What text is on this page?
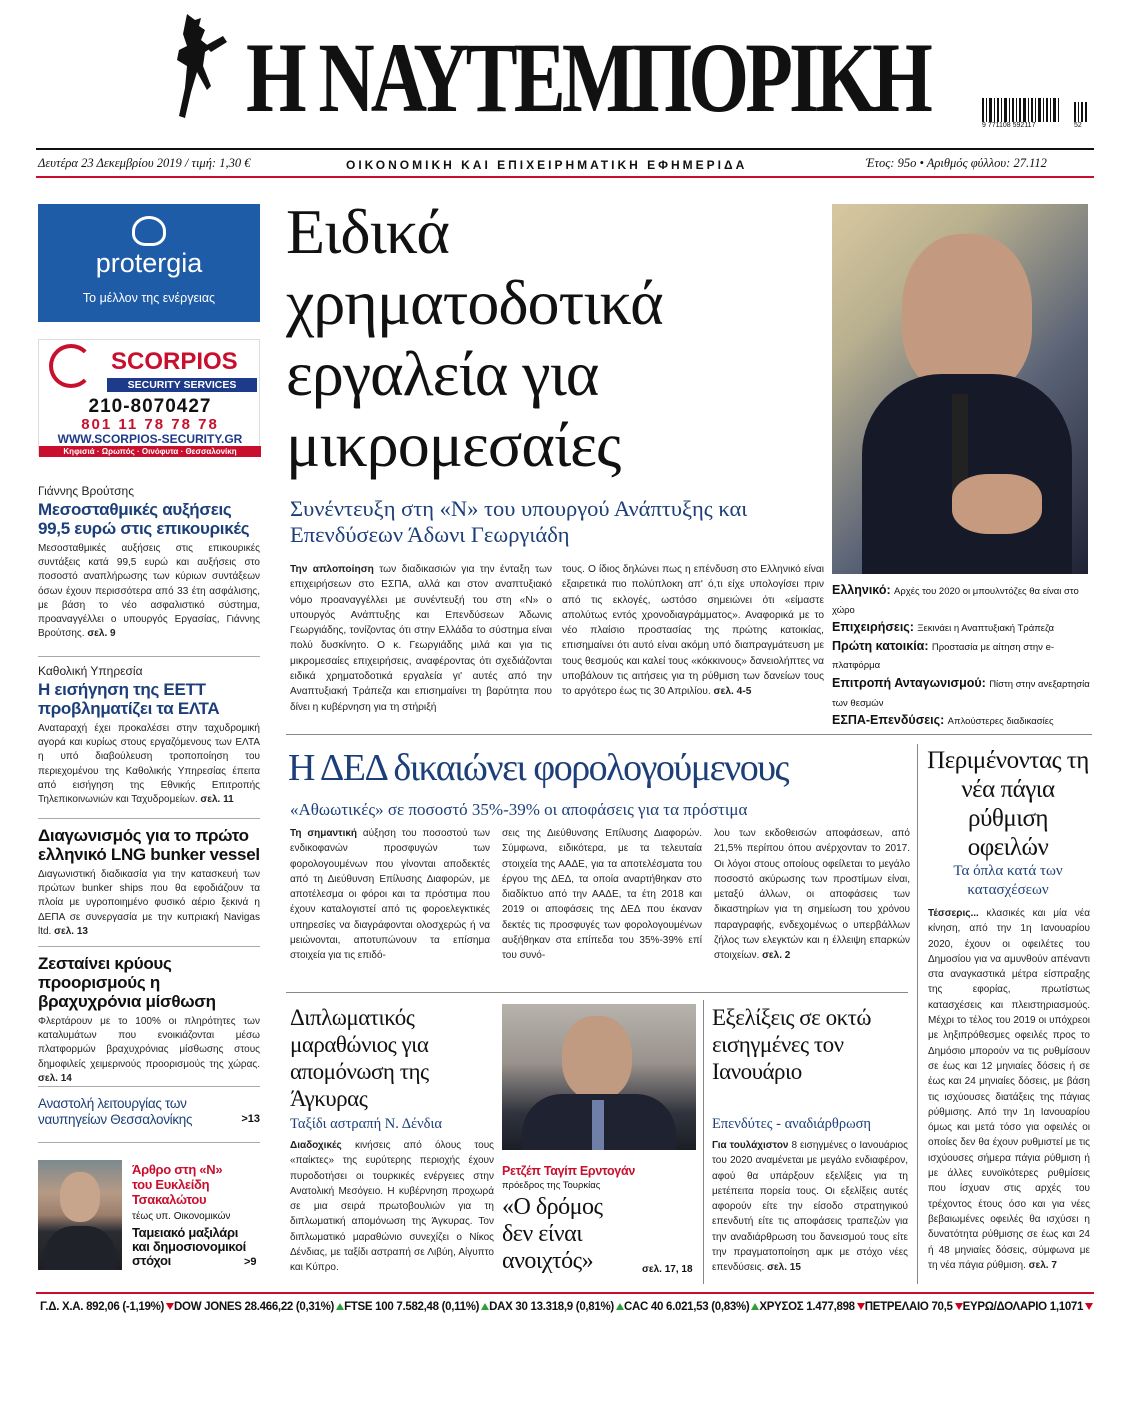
Η ΝΑΥΤΕΜΠΟΡΙΚΗ	9 771108 592117	52
Δευτέρα 23 Δεκεμβρίου 2019 / τιμή: 1,30 €	ΟΙΚΟΝΟΜΙΚΗ ΚΑΙ ΕΠΙΧΕΙΡΗΜΑΤΙΚΗ ΕΦΗΜΕΡΙΔΑ	Έτος: 95ο • Αριθμός φύλλου: 27.112
protergia
Το μέλλον της ενέργειας
SCORPIOS
SECURITY SERVICES
210-8070427
801 11 78 78 78
WWW.SCORPIOS-SECURITY.GR
Κηφισιά · Ωρωπός · Οινόφυτα · Θεσσαλονίκη
Γιάννης Βρούτσης
Μεσοσταθμικές αυξήσεις 99,5 ευρώ στις επικουρικές
Μεσοσταθμικές αυξήσεις στις επικουρικές συντάξεις κατά 99,5 ευρώ και αυξήσεις στο ποσοστό αναπλήρωσης των κύριων συντάξεων όσων έχουν περισσότερα από 33 έτη ασφάλισης, με βάση το νέο ασφαλιστικό σύστημα, προαναγγέλλει ο υπουργός Εργασίας, Γιάννης Βρούτσης. σελ. 9
Καθολική Υπηρεσία
Η εισήγηση της ΕΕΤΤ προβληματίζει τα ΕΛΤΑ
Αναταραχή έχει προκαλέσει στην ταχυδρομική αγορά και κυρίως στους εργαζόμενους των ΕΛΤΑ η υπό διαβούλευση τροποποίηση του περιεχομένου της Καθολικής Υπηρεσίας έπειτα από εισήγηση της Εθνικής Επιτροπής Τηλεπικοινωνιών και Ταχυδρομείων. σελ. 11
Διαγωνισμός για το πρώτο ελληνικό LNG bunker vessel
Διαγωνιστική διαδικασία για την κατασκευή των πρώτων bunker ships που θα εφοδιάζουν τα πλοία με υγροποιημένο φυσικό αέριο ξεκινά η ΔΕΠΑ σε συνεργασία με την κυπριακή Navigas ltd. σελ. 13
Ζεσταίνει κρύους προορισμούς η βραχυχρόνια μίσθωση
Φλερτάρουν με το 100% οι πληρότητες των καταλυμάτων που ενοικιάζονται μέσω πλατφορμών βραχυχρόνιας μίσθωσης στους δημοφιλείς χειμερινούς προορισμούς της χώρας. σελ. 14
Αναστολή λειτουργίας των ναυπηγείων Θεσσαλονίκης	>13
Άρθρο στη «Ν»
του Ευκλείδη
Τσακαλώτου
τέως υπ. Οικονομικών
Ταμειακό μαξιλάρι και δημοσιονομικοί στόχοι	>9
Ειδικά χρηματοδοτικά εργαλεία για μικρομεσαίες
Συνέντευξη στη «Ν» του υπουργού Ανάπτυξης και Επενδύσεων Άδωνι Γεωργιάδη
Την απλοποίηση των διαδικασιών για την ένταξη των επιχειρήσεων στο ΕΣΠΑ, αλλά και στον αναπτυξιακό νόμο προαναγγέλλει με συνέντευξή του στη «Ν» ο υπουργός Ανάπτυξης και Επενδύσεων Άδωνις Γεωργιάδης, τονίζοντας ότι στην Ελλάδα το σύστημα είναι πολύ δυσκίνητο. Ο κ. Γεωργιάδης μιλά και για τις μικρομεσαίες επιχειρήσεις, αναφέροντας ότι σχεδιάζονται ειδικά χρηματοδοτικά εργαλεία γι' αυτές από την Αναπτυξιακή Τράπεζα και επισημαίνει τη βαρύτητα που δίνει η κυβέρνηση για τη στήριξή
τους. Ο ίδιος δηλώνει πως η επένδυση στο Ελληνικό είναι εξαιρετικά πιο πολύπλοκη απ' ό,τι είχε υπολογίσει πριν από τις εκλογές, ωστόσο σημειώνει ότι «είμαστε απολύτως εντός χρονοδιαγράμματος». Αναφορικά με το νέο πλαίσιο προστασίας της πρώτης κατοικίας, επισημαίνει ότι αυτό είναι ακόμη υπό διαπραγμάτευση με τους θεσμούς και καλεί τους «κόκκινους» δανειολήπτες να υποβάλουν τις αιτήσεις για τη ρύθμιση των δανείων τους το αργότερο έως τις 30 Απριλίου. σελ. 4-5
Ελληνικό: Αρχές του 2020 οι μπουλντόζες θα είναι στο χώρο
Επιχειρήσεις: Ξεκινάει η Αναπτυξιακή Τράπεζα
Πρώτη κατοικία: Προστασία με αίτηση στην e-πλατφόρμα
Επιτροπή Ανταγωνισμού: Πίστη στην ανεξαρτησία των θεσμών
ΕΣΠΑ-Επενδύσεις: Απλούστερες διαδικασίες
Η ΔΕΔ δικαιώνει φορολογούμενους
«Αθωωτικές» σε ποσοστό 35%-39% οι αποφάσεις για τα πρόστιμα
Τη σημαντική αύξηση του ποσοστού των ενδικοφανών προσφυγών των φορολογουμένων που γίνονται αποδεκτές από τη Διεύθυνση Επίλυσης Διαφορών, με αποτέλεσμα οι φόροι και τα πρόστιμα που έχουν καταλογιστεί από τις φοροελεγκτικές υπηρεσίες να διαγράφονται ολοσχερώς ή να μειώνονται, αποτυπώνουν τα επίσημα στοιχεία για τις επιδό-
σεις της Διεύθυνσης Επίλυσης Διαφορών. Σύμφωνα, ειδικότερα, με τα τελευταία στοιχεία της ΑΑΔΕ, για τα αποτελέσματα του έργου της ΔΕΔ, τα οποία αναρτήθηκαν στο διαδίκτυο από την ΑΑΔΕ, τα έτη 2018 και 2019 οι αποφάσεις της ΔΕΔ που έκαναν δεκτές τις προσφυγές των φορολογουμένων αυξήθηκαν στα επίπεδα του 35%-39% επί του συνό-
λου των εκδοθεισών αποφάσεων, από 21,5% περίπου όπου ανέρχονταν το 2017. Οι λόγοι στους οποίους οφείλεται το μεγάλο ποσοστό ακύρωσης των προστίμων είναι, μεταξύ άλλων, οι αποφάσεις των δικαστηρίων για τη σημείωση του χρόνου παραγραφής, ενδεχομένως ο υπερβάλλων ζήλος των ελεγκτών και η έλλειψη επαρκών στοιχείων. σελ. 2
Περιμένοντας τη νέα πάγια ρύθμιση οφειλών
Τα όπλα κατά των κατασχέσεων
Τέσσερις... κλασικές και μία νέα κίνηση, από την 1η Ιανουαρίου 2020, έχουν οι οφειλέτες του Δημοσίου για να αμυνθούν απέναντι στα αναγκαστικά μέτρα είσπραξης της εφορίας, πρωτίστως κατασχέσεις και πλειστηριασμούς. Μέχρι το τέλος του 2019 οι υπόχρεοι με ληξιπρόθεσμες οφειλές προς το Δημόσιο μπορούν να τις ρυθμίσουν σε έως και 12 μηνιαίες δόσεις ή σε έως και 24 μηνιαίες δόσεις, με βάση τις ισχύουσες διατάξεις της πάγιας ρύθμισης. Από την 1η Ιανουαρίου όμως και μετά τόσο για οφειλές οι οποίες δεν θα έχουν ρυθμιστεί με τις ισχύουσες σήμερα πάγια ρύθμιση ή με άλλες ευνοϊκότερες ρυθμίσεις που ίσχυαν στις αρχές του τρέχοντος έτους όσο και για νέες βεβαιωμένες οφειλές θα ισχύσει η δυνατότητα ρύθμισης σε έως και 24 ή 48 μηνιαίες δόσεις, σύμφωνα με τη νέα πάγια ρύθμιση. σελ. 7
Διπλωματικός μαραθώνιος για απομόνωση της Άγκυρας
Ταξίδι αστραπή Ν. Δένδια
Διαδοχικές κινήσεις από όλους τους «παίκτες» της ευρύτερης περιοχής έχουν πυροδοτήσει οι τουρκικές ενέργειες στην Ανατολική Μεσόγειο. Η κυβέρνηση προχωρά σε μια σειρά πρωτοβουλιών για τη διπλωματική απομόνωση της Άγκυρας. Τον διπλωματικό μαραθώνιο συνεχίζει ο Νίκος Δένδιας, με ταξίδι αστραπή σε Λιβύη, Αίγυπτο και Κύπρο.
Ρετζέπ Ταγίπ Ερντογάν
πρόεδρος της Τουρκίας
«Ο δρόμος δεν είναι ανοιχτός»	σελ. 17, 18
Εξελίξεις σε οκτώ εισηγμένες τον Ιανουάριο
Επενδύτες - αναδιάρθρωση
Για τουλάχιστον 8 εισηγμένες ο Ιανουάριος του 2020 αναμένεται με μεγάλο ενδιαφέρον, αφού θα υπάρξουν εξελίξεις για τη μετέπειτα πορεία τους. Οι εξελίξεις αυτές αφορούν είτε την είσοδο στρατηγικού επενδυτή είτε τις αποφάσεις τραπεζών για την αναδιάρθρωση του δανεισμού τους είτε την πραγματοποίηση αμκ με στόχο νέες επενδύσεις. σελ. 15
Γ.Δ. Χ.Α. 892,06 (-1,19%) DOW JONES 28.466,22 (0,31%) FTSE 100 7.582,48 (0,11%) DAX 30 13.318,9 (0,81%) CAC 40 6.021,53 (0,83%) ΧΡΥΣΟΣ 1.477,898 ΠΕΤΡΕΛΑΙΟ 70,5 ΕΥΡΩ/ΔΟΛΑΡΙΟ 1,1071
